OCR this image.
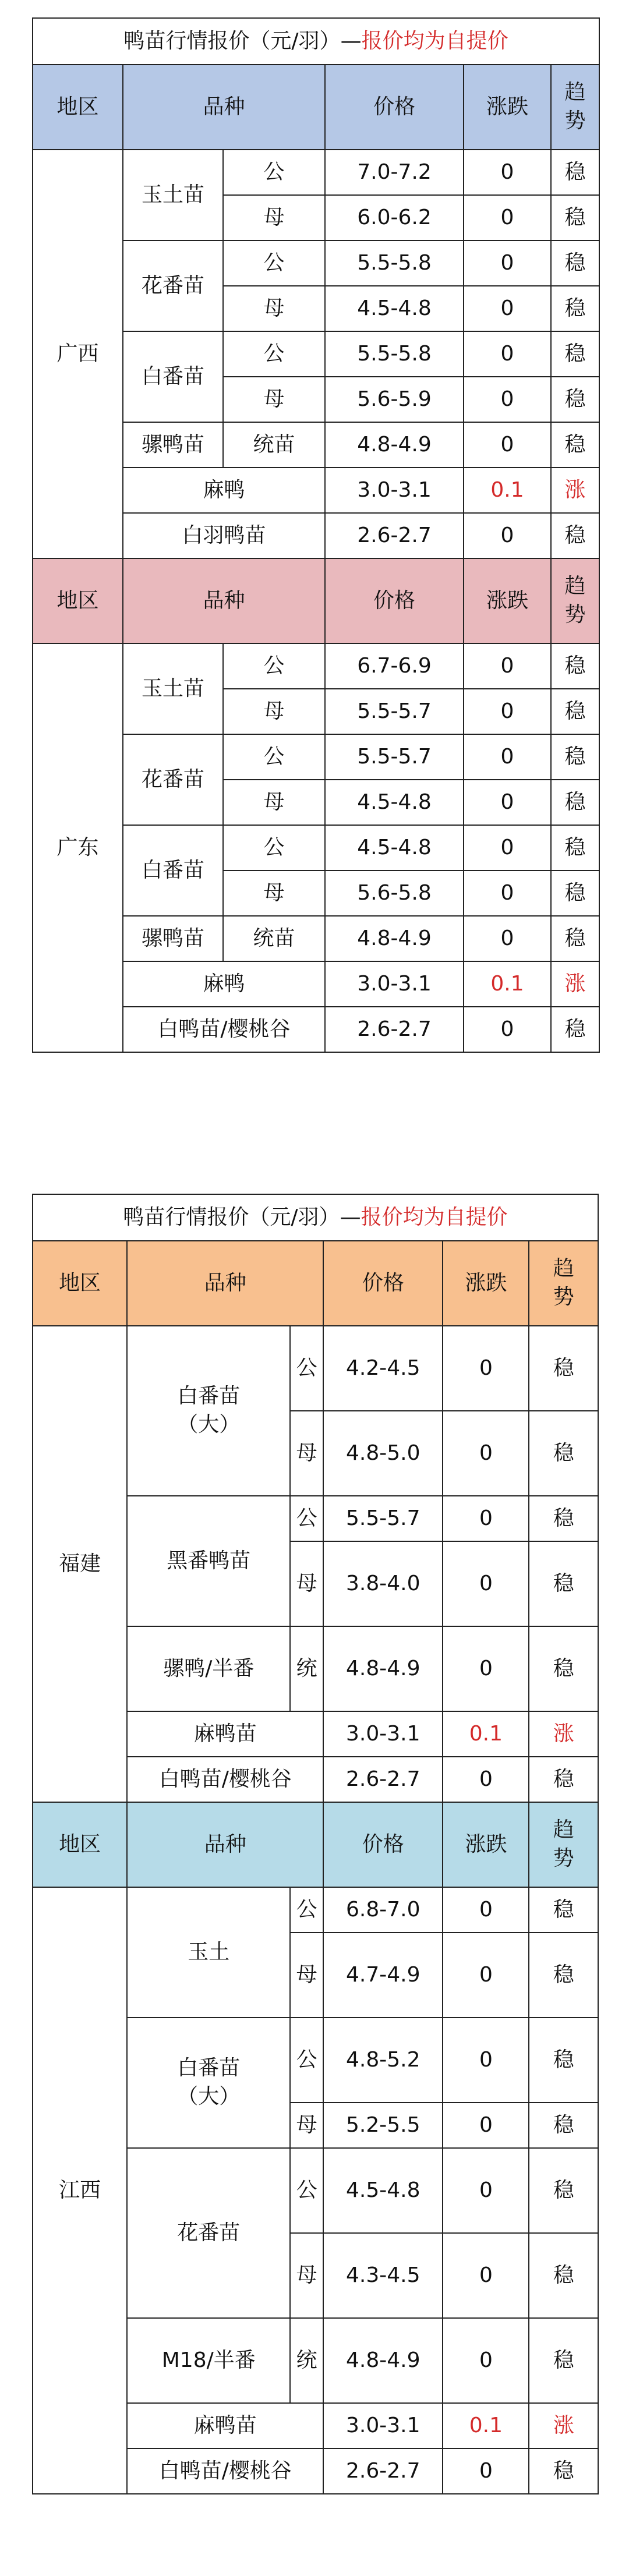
鸭苗行情报价（元/羽）—报价均为自提价					
地区	品种		价格	涨跌	趋势
广西	玉土苗	公	7.0-7.2	0	稳
		母	6.0-6.2	0	稳
	花番苗	公	5.5-5.8	0	稳
		母	4.5-4.8	0	稳
	白番苗	公	5.5-5.8	0	稳
		母	5.6-5.9	0	稳
	骡鸭苗	统苗	4.8-4.9	0	稳
	麻鸭		3.0-3.1	0.1	涨
	白羽鸭苗		2.6-2.7	0	稳
地区	品种		价格	涨跌	趋势
广东	玉土苗	公	6.7-6.9	0	稳
		母	5.5-5.7	0	稳
	花番苗	公	5.5-5.7	0	稳
		母	4.5-4.8	0	稳
	白番苗	公	4.5-4.8	0	稳
		母	5.6-5.8	0	稳
	骡鸭苗	统苗	4.8-4.9	0	稳
	麻鸭		3.0-3.1	0.1	涨
	白鸭苗/樱桃谷		2.6-2.7	0	稳
鸭苗行情报价（元/羽）—报价均为自提价					
地区	品种		价格	涨跌	趋势
福建	白番苗（大）	公	4.2-4.5	0	稳
		母	4.8-5.0	0	稳
	黑番鸭苗	公	5.5-5.7	0	稳
		母	3.8-4.0	0	稳
	骡鸭/半番	统	4.8-4.9	0	稳
	麻鸭苗		3.0-3.1	0.1	涨
	白鸭苗/樱桃谷		2.6-2.7	0	稳
地区	品种		价格	涨跌	趋势
江西	玉土	公	6.8-7.0	0	稳
		母	4.7-4.9	0	稳
	白番苗（大）	公	4.8-5.2	0	稳
		母	5.2-5.5	0	稳
	花番苗	公	4.5-4.8	0	稳
		母	4.3-4.5	0	稳
	M18/半番	统	4.8-4.9	0	稳
	麻鸭苗		3.0-3.1	0.1	涨
	白鸭苗/樱桃谷		2.6-2.7	0	稳
